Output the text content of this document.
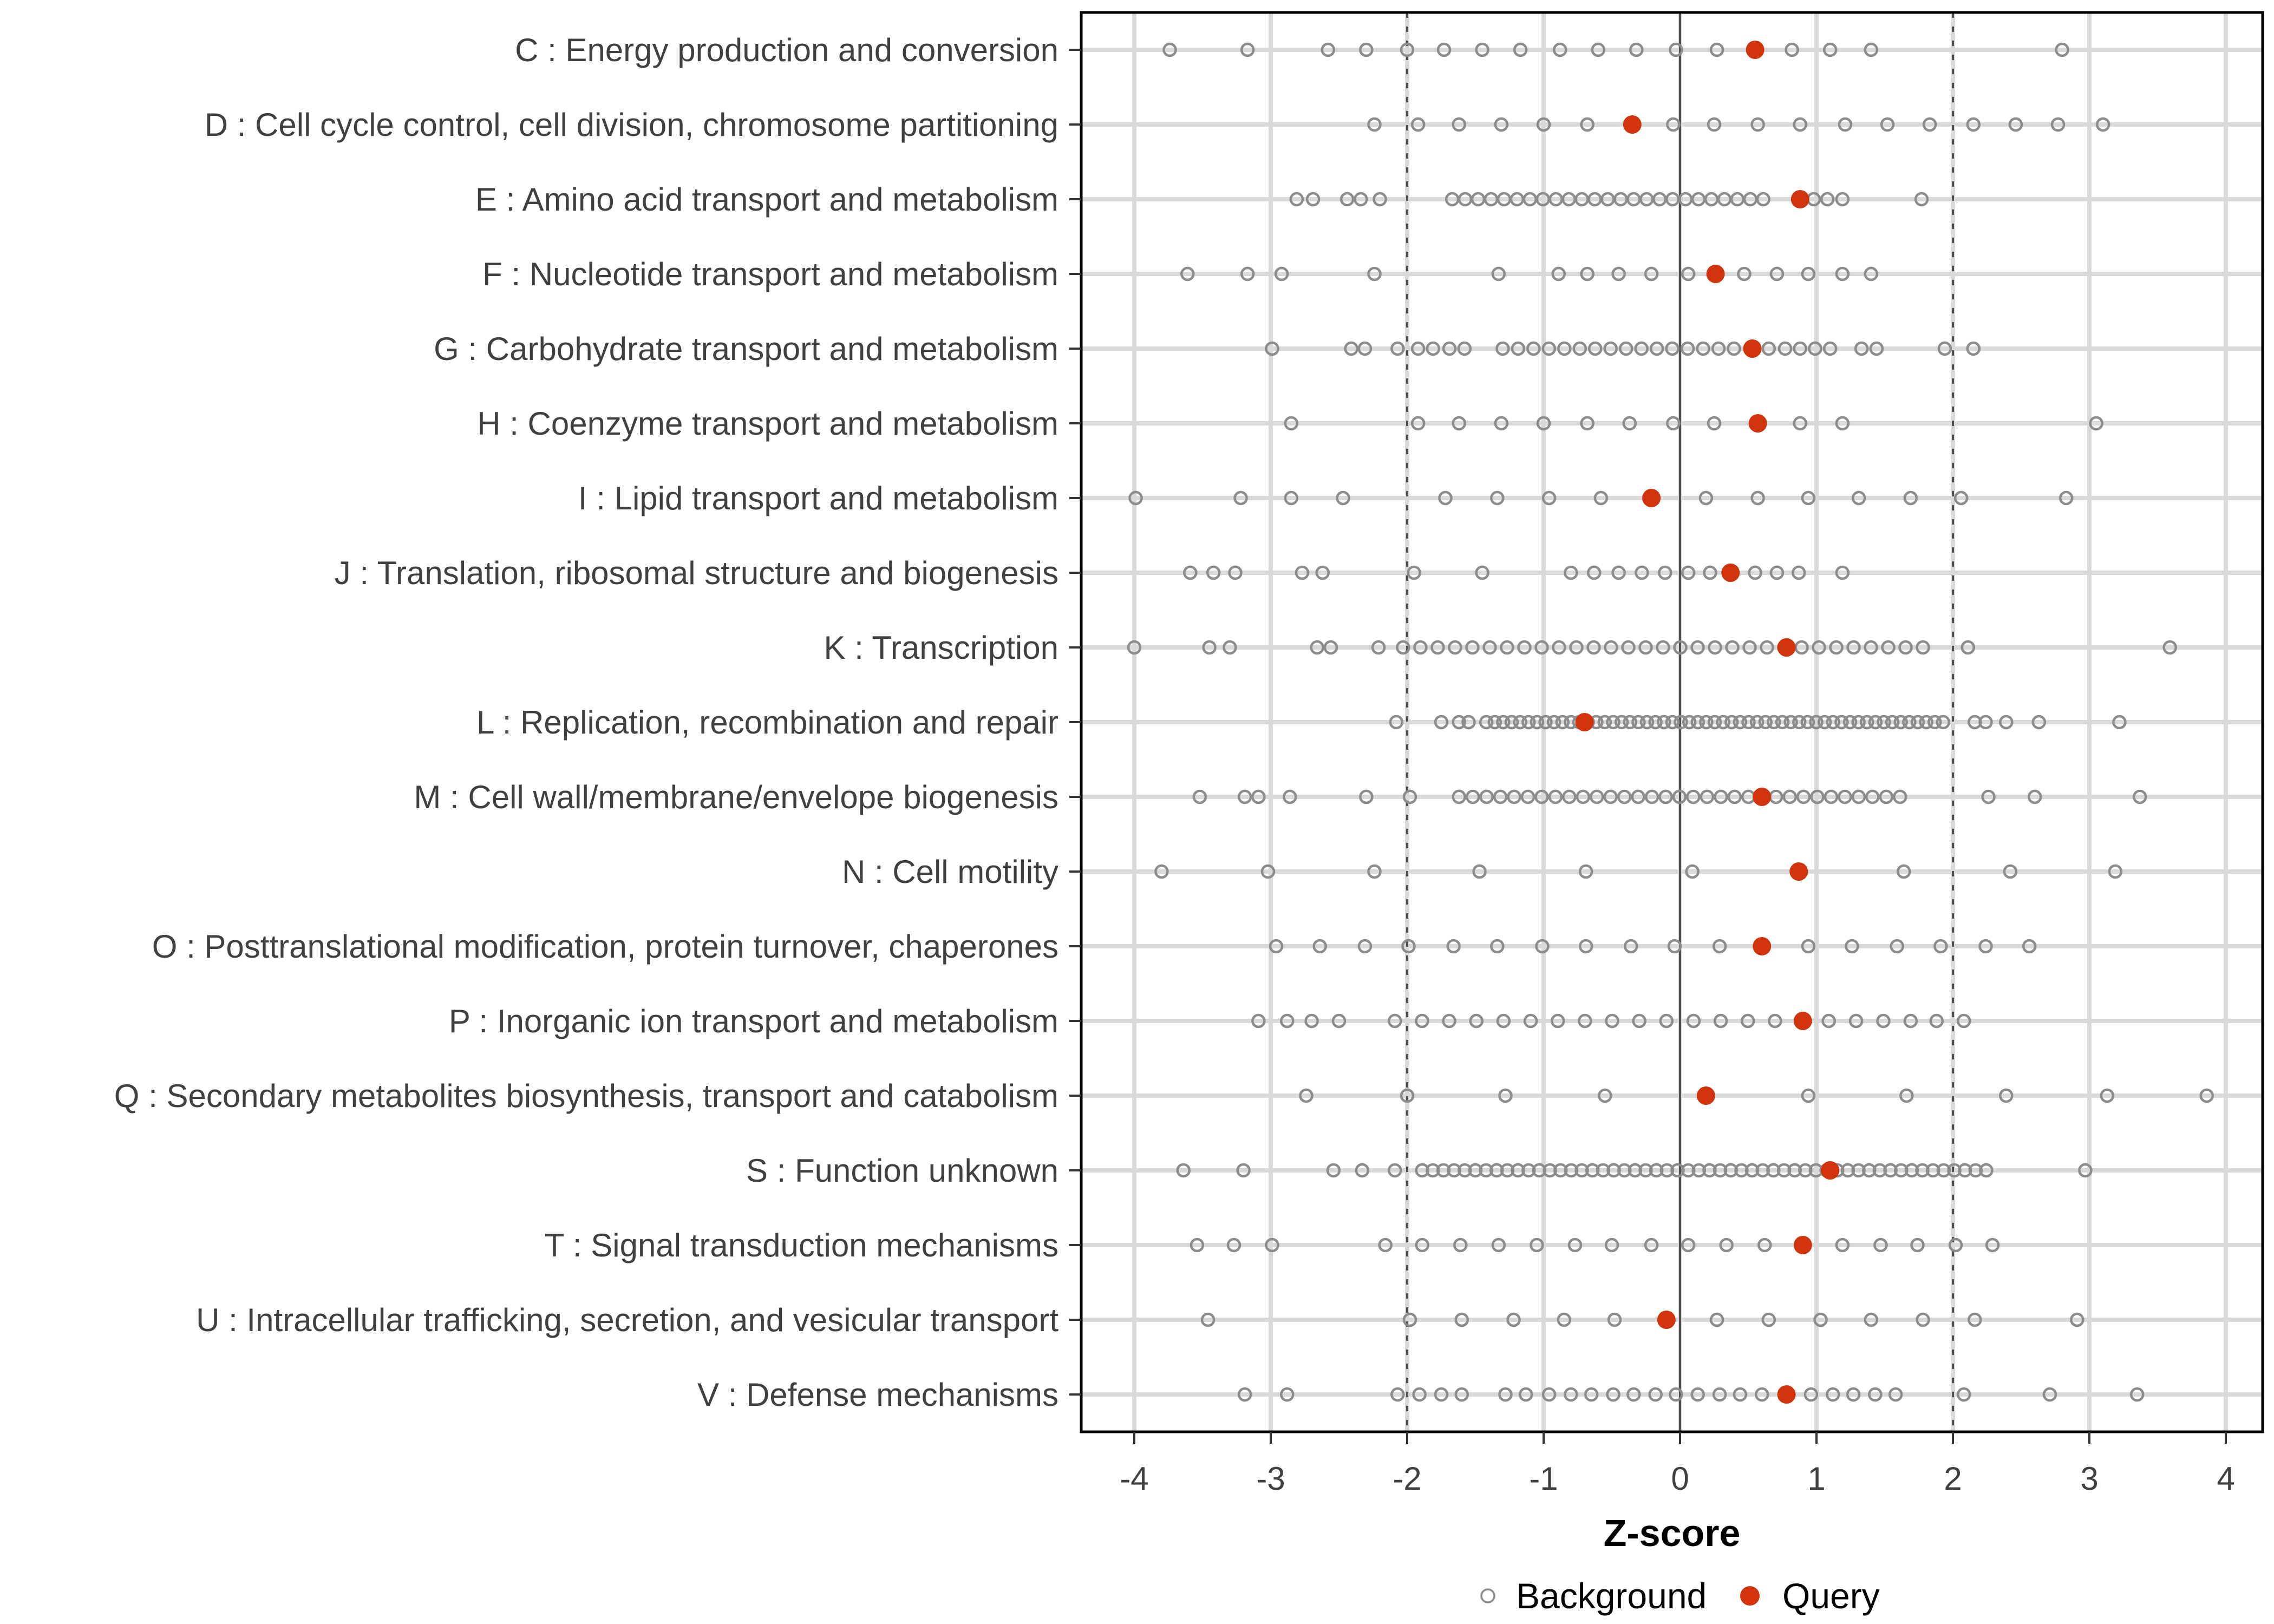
-4	-3	-2	-1	0	1	2	3	4
C : Energy production and conversion
D : Cell cycle control, cell division, chromosome partitioning
E : Amino acid transport and metabolism
F : Nucleotide transport and metabolism
G : Carbohydrate transport and metabolism
H : Coenzyme transport and metabolism
I : Lipid transport and metabolism
J : Translation, ribosomal structure and biogenesis
K : Transcription
L : Replication, recombination and repair
M : Cell wall/membrane/envelope biogenesis
N : Cell motility
O : Posttranslational modification, protein turnover, chaperones
P : Inorganic ion transport and metabolism
Q : Secondary metabolites biosynthesis, transport and catabolism
S : Function unknown
T : Signal transduction mechanisms
U : Intracellular trafficking, secretion, and vesicular transport
V : Defense mechanisms
Z-score
Background Query
